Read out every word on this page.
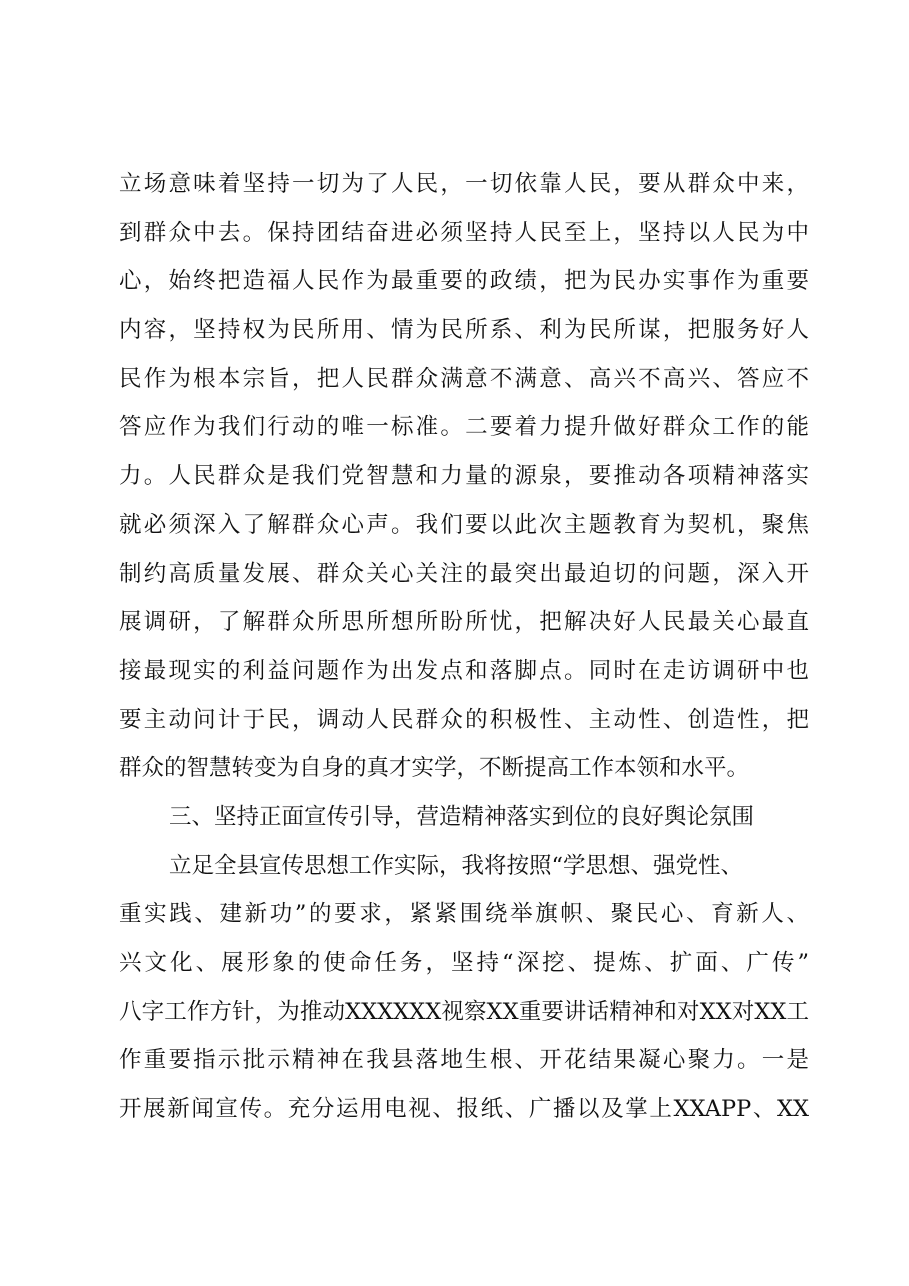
立场意味着坚持一切为了人民，一切依靠人民，要从群众中来，
到群众中去。保持团结奋进必须坚持人民至上，坚持以人民为中
心，始终把造福人民作为最重要的政绩，把为民办实事作为重要
内容，坚持权为民所用、情为民所系、利为民所谋，把服务好人
民作为根本宗旨，把人民群众满意不满意、高兴不高兴、答应不
答应作为我们行动的唯一标准。二要着力提升做好群众工作的能
力。人民群众是我们党智慧和力量的源泉，要推动各项精神落实
就必须深入了解群众心声。我们要以此次主题教育为契机，聚焦
制约高质量发展、群众关心关注的最突出最迫切的问题，深入开
展调研，了解群众所思所想所盼所忧，把解决好人民最关心最直
接最现实的利益问题作为出发点和落脚点。同时在走访调研中也
要主动问计于民，调动人民群众的积极性、主动性、创造性，把
群众的智慧转变为自身的真才实学，不断提高工作本领和水平。
三、坚持正面宣传引导，营造精神落实到位的良好舆论氛围
立足全县宣传思想工作实际，我将按照“学思想、强党性、
重实践、建新功”的要求，紧紧围绕举旗帜、聚民心、育新人、
兴文化、展形象的使命任务，坚持“深挖、提炼、扩面、广传”
八字工作方针，为推动XXXXXX视察XX重要讲话精神和对XX对XX工
作重要指示批示精神在我县落地生根、开花结果凝心聚力。一是
开展新闻宣传。充分运用电视、报纸、广播以及掌上XXAPP、XX
